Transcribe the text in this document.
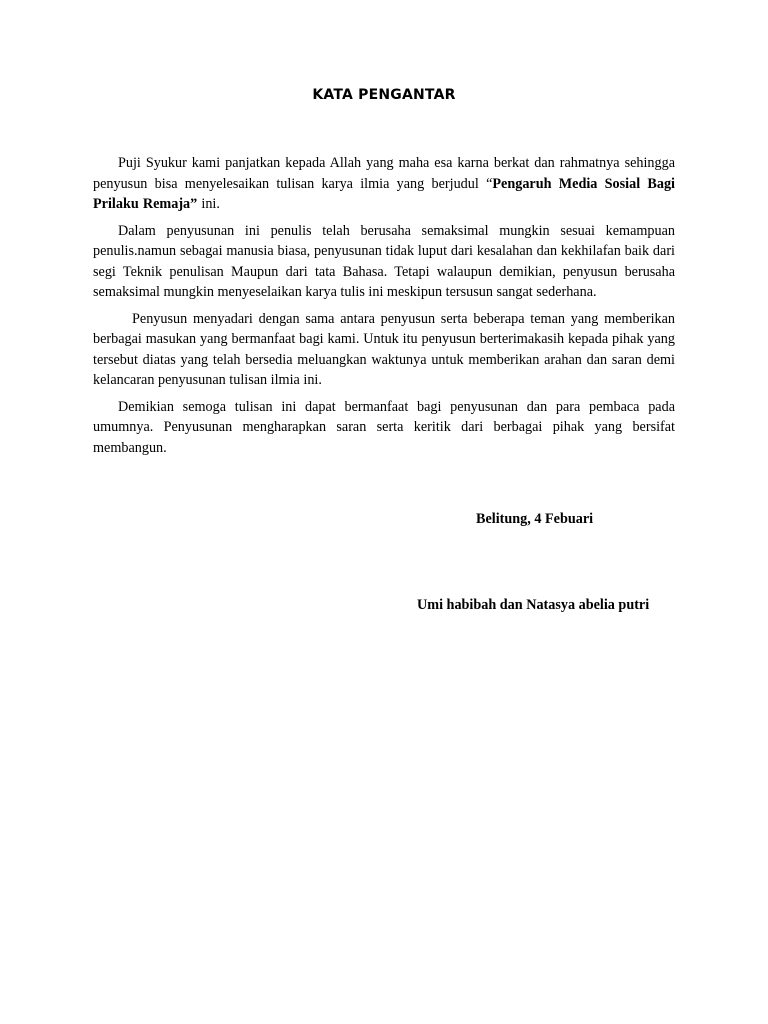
KATA PENGANTAR

Puji Syukur kami panjatkan kepada Allah yang maha esa karna berkat dan rahmatnya sehingga penyusun bisa menyelesaikan tulisan karya ilmia yang berjudul “Pengaruh Media Sosial Bagi Prilaku Remaja” ini.

Dalam penyusunan ini penulis telah berusaha semaksimal mungkin sesuai kemampuan penulis.namun sebagai manusia biasa, penyusunan tidak luput dari kesalahan dan kekhilafan baik dari segi Teknik penulisan Maupun dari tata Bahasa. Tetapi walaupun demikian, penyusun berusaha semaksimal mungkin menyeselaikan karya tulis ini meskipun tersusun sangat sederhana.

Penyusun menyadari dengan sama antara penyusun serta beberapa teman yang memberikan berbagai masukan yang bermanfaat bagi kami. Untuk itu penyusun berterimakasih kepada pihak yang tersebut diatas yang telah bersedia meluangkan waktunya untuk memberikan arahan dan saran demi kelancaran penyusunan tulisan ilmia ini.

Demikian semoga tulisan ini dapat bermanfaat bagi penyusunan dan para pembaca pada umumnya. Penyusunan mengharapkan saran serta keritik dari berbagai pihak yang bersifat membangun.

Belitung, 4 Febuari
Umi habibah dan Natasya abelia putri
